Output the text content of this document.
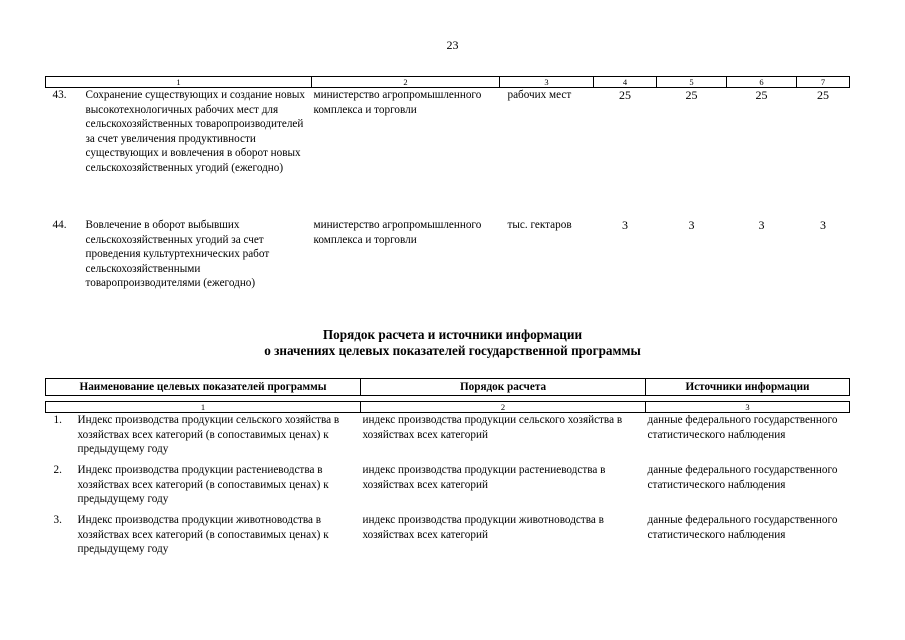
23
1		2	3	4	5	6	7
43.	Сохранение существующих и создание новых высокотехнологичных рабочих мест для сельскохозяйственных товаропроизводителей за счет увеличения продуктивности существующих и вовлечения в оборот новых сельскохозяйственных угодий (ежегодно)	министерство агропромышленного комплекса и торговли	рабочих мест	25	25	25	25
44.	Вовлечение в оборот выбывших сельскохозяйственных угодий за счет проведения культуртехнических работ сельскохозяйственными товаропроизводителями (ежегодно)	министерство агропромышленного комплекса и торговли	тыс. гектаров	3	3	3	3
Порядок расчета и источники информации
о значениях целевых показателей государственной программы
Наименование целевых показателей программы		Порядок расчета	Источники информации

1		2	3
1.	Индекс производства продукции сельского хозяйства в хозяйствах всех категорий (в сопоставимых ценах) к предыдущему году	индекс производства продукции сельского хозяйства в хозяйствах всех категорий	данные федерального государственного статистического наблюдения
2.	Индекс производства продукции растениеводства в хозяйствах всех категорий (в сопоставимых ценах) к предыдущему году	индекс производства продукции растениеводства в хозяйствах всех категорий	данные федерального государственного статистического наблюдения
3.	Индекс производства продукции животноводства в хозяйствах всех категорий (в сопоставимых ценах) к предыдущему году	индекс производства продукции животноводства в хозяйствах всех категорий	данные федерального государственного статистического наблюдения
